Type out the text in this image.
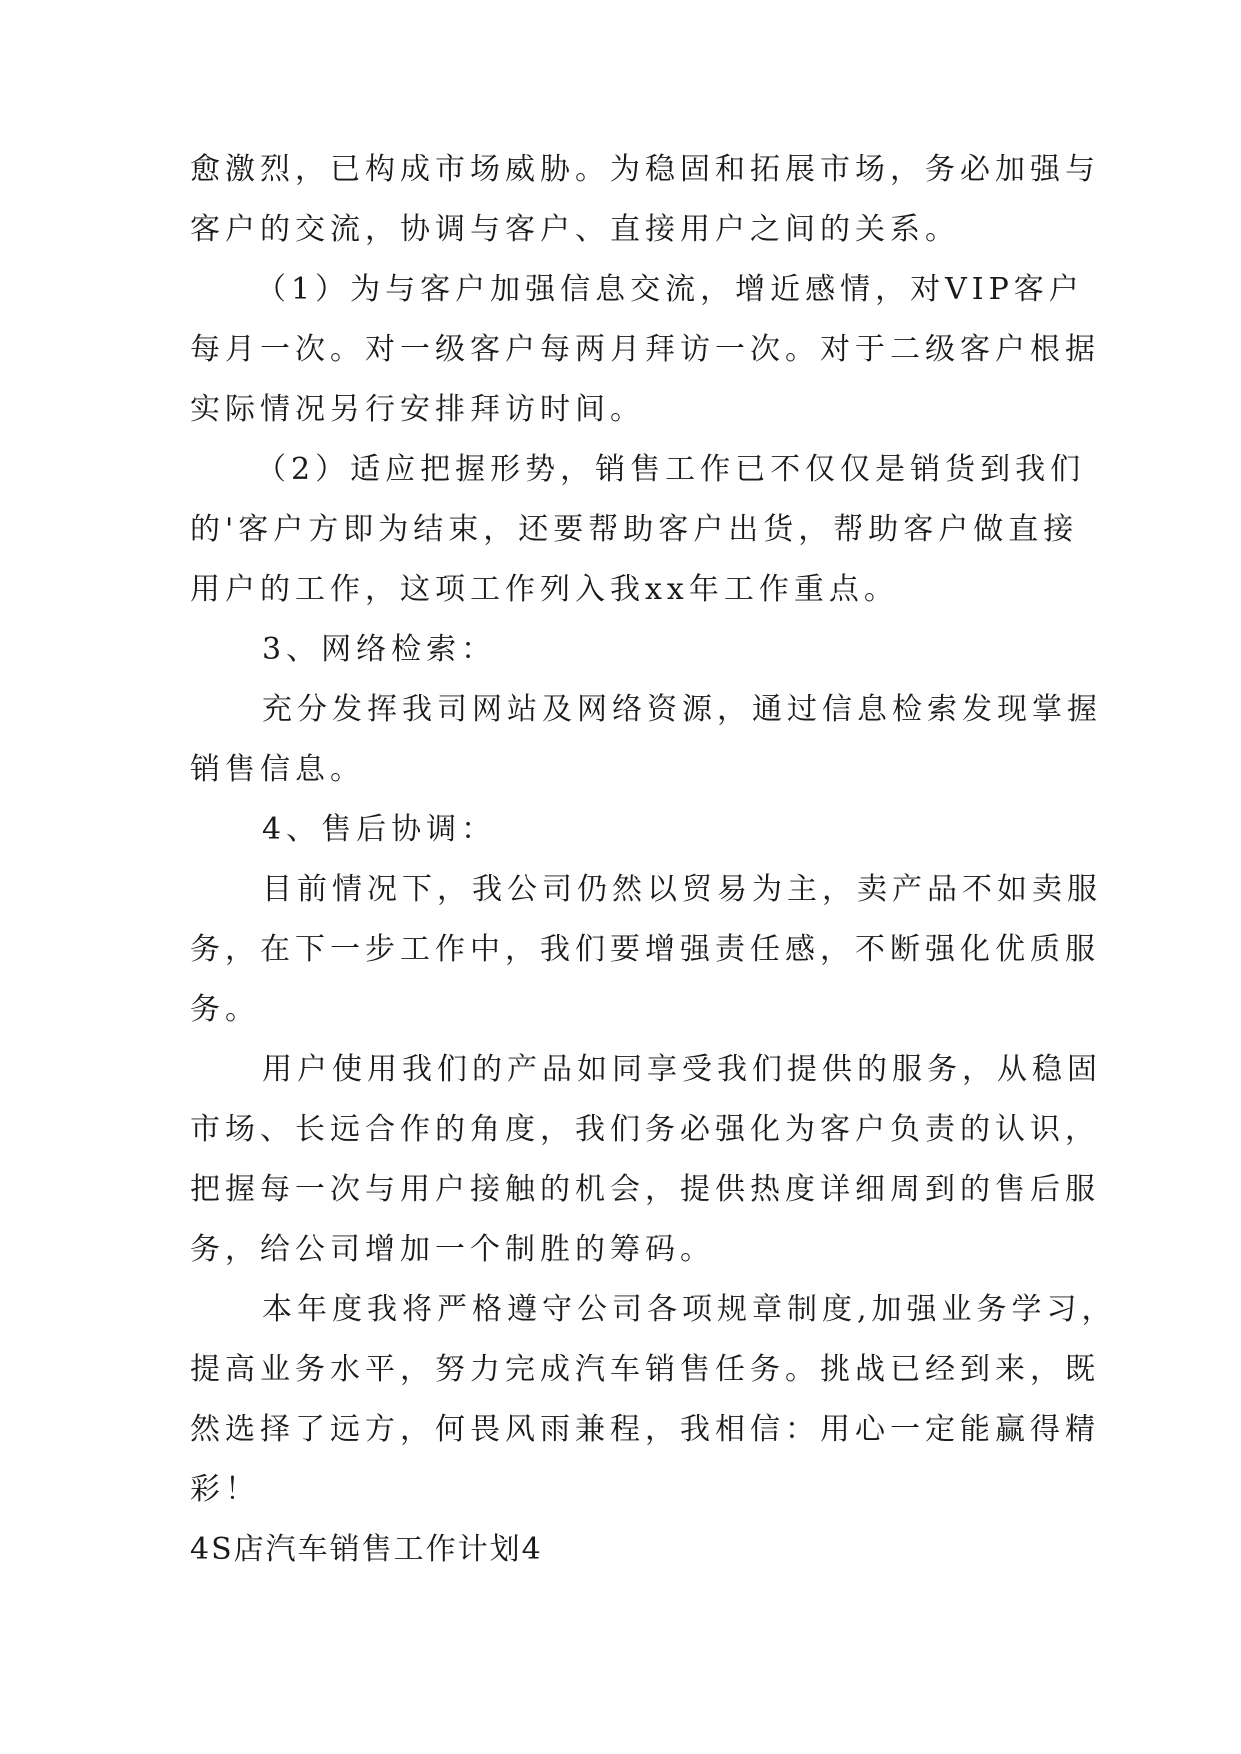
愈激烈，已构成市场威胁。为稳固和拓展市场，务必加强与
客户的交流，协调与客户、直接用户之间的关系。
（1）为与客户加强信息交流，增近感情，对VIP客户
每月一次。对一级客户每两月拜访一次。对于二级客户根据
实际情况另行安排拜访时间。
（2）适应把握形势，销售工作已不仅仅是销货到我们
的'客户方即为结束，还要帮助客户出货，帮助客户做直接
用户的工作，这项工作列入我xx年工作重点。
3、网络检索：
充分发挥我司网站及网络资源，通过信息检索发现掌握
销售信息。
4、售后协调：
目前情况下，我公司仍然以贸易为主，卖产品不如卖服
务，在下一步工作中，我们要增强责任感，不断强化优质服
务。
用户使用我们的产品如同享受我们提供的服务，从稳固
市场、长远合作的角度，我们务必强化为客户负责的认识，
把握每一次与用户接触的机会，提供热度详细周到的售后服
务，给公司增加一个制胜的筹码。
本年度我将严格遵守公司各项规章制度,加强业务学习，
提高业务水平，努力完成汽车销售任务。挑战已经到来，既
然选择了远方，何畏风雨兼程，我相信：用心一定能赢得精
彩！
4S店汽车销售工作计划4
